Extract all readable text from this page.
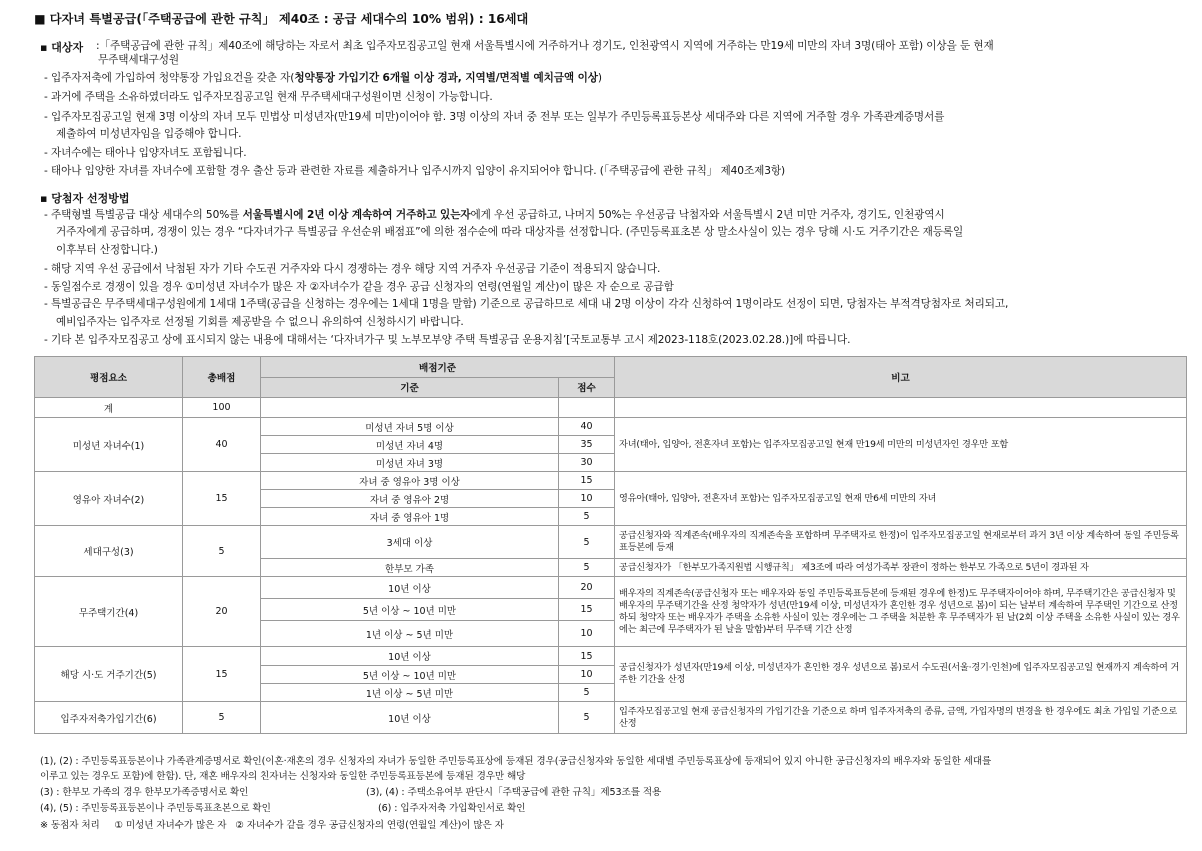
■ 다자녀 특별공급(「주택공급에 관한 규칙」 제40조 : 공급 세대수의 10% 범위) : 16세대
▪ 대상자 :「주택공급에 관한 규칙」제40조에 해당하는 자로서 최초 입주자모집공고일 현재 서울특별시에 거주하거나 경기도, 인천광역시 지역에 거주하는 만19세 미만의 자녀 3명(태아 포함) 이상을 둔 현재
무주택세대구성원
- 입주자저축에 가입하여 청약통장 가입요건을 갖춘 자(청약통장 가입기간 6개월 이상 경과, 지역별/면적별 예치금액 이상)
- 과거에 주택을 소유하였더라도 입주자모집공고일 현재 무주택세대구성원이면 신청이 가능합니다.
- 입주자모집공고일 현재 3명 이상의 자녀 모두 민법상 미성년자(만19세 미만)이어야 함. 3명 이상의 자녀 중 전부 또는 일부가 주민등록표등본상 세대주와 다른 지역에 거주할 경우 가족관계증명서를
제출하여 미성년자임을 입증해야 합니다.
- 자녀수에는 태아나 입양자녀도 포함됩니다.
- 태아나 입양한 자녀를 자녀수에 포함할 경우 출산 등과 관련한 자료를 제출하거나 입주시까지 입양이 유지되어야 합니다. (「주택공급에 관한 규칙」 제40조제3항)
▪ 당첨자 선정방법
- 주택형별 특별공급 대상 세대수의 50%를 서울특별시에 2년 이상 계속하여 거주하고 있는자에게 우선 공급하고, 나머지 50%는 우선공급 낙첨자와 서울특별시 2년 미만 거주자, 경기도, 인천광역시
거주자에게 공급하며, 경쟁이 있는 경우 “다자녀가구 특별공급 우선순위 배점표”에 의한 점수순에 따라 대상자를 선정합니다. (주민등록표초본 상 말소사실이 있는 경우 당해 시·도 거주기간은 재등록일
이후부터 산정합니다.)
- 해당 지역 우선 공급에서 낙첨된 자가 기타 수도권 거주자와 다시 경쟁하는 경우 해당 지역 거주자 우선공급 기준이 적용되지 않습니다.
- 동일점수로 경쟁이 있을 경우 ①미성년 자녀수가 많은 자 ②자녀수가 같을 경우 공급 신청자의 연령(연월일 계산)이 많은 자 순으로 공급함
- 특별공급은 무주택세대구성원에게 1세대 1주택(공급을 신청하는 경우에는 1세대 1명을 말함) 기준으로 공급하므로 세대 내 2명 이상이 각각 신청하여 1명이라도 선정이 되면, 당첨자는 부적격당첨자로 처리되고,
예비입주자는 입주자로 선정될 기회를 제공받을 수 없으니 유의하여 신청하시기 바랍니다.
- 기타 본 입주자모집공고 상에 표시되지 않는 내용에 대해서는 ‘다자녀가구 및 노부모부양 주택 특별공급 운용지침’[국토교통부 고시 제2023-118호(2023.02.28.)]에 따릅니다.
평점요소	총배점	배점기준		비고
		기준	점수	
계	100			
미성년 자녀수(1)	40	미성년 자녀 5명 이상	40	자녀(태아, 입양아, 전혼자녀 포함)는 입주자모집공고일 현재 만19세 미만의 미성년자인 경우만 포함
		미성년 자녀 4명	35	
		미성년 자녀 3명	30	
영유아 자녀수(2)	15	자녀 중 영유아 3명 이상	15	영유아(태아, 입양아, 전혼자녀 포함)는 입주자모집공고일 현재 만6세 미만의 자녀
		자녀 중 영유아 2명	10	
		자녀 중 영유아 1명	5	
세대구성(3)	5	3세대 이상	5	공급신청자와 직계존속(배우자의 직계존속을 포함하며 무주택자로 한정)이 입주자모집공고일 현재로부터 과거 3년 이상 계속하여 동일 주민등록표등본에 등재
		한부모 가족	5	공급신청자가 「한부모가족지원법 시행규칙」 제3조에 따라 여성가족부 장관이 정하는 한부모 가족으로 5년이 경과된 자
무주택기간(4)	20	10년 이상	20	배우자의 직계존속(공급신청자 또는 배우자와 동일 주민등록표등본에 등재된 경우에 한정)도 무주택자이어야 하며, 무주택기간은 공급신청자 및 배우자의 무주택기간을 산정 청약자가 성년(만19세 이상, 미성년자가 혼인한 경우 성년으로 봄)이 되는 날부터 계속하여 무주택인 기간으로 산정하되 청약자 또는 배우자가 주택을 소유한 사실이 있는 경우에는 그 주택을 처분한 후 무주택자가 된 날(2회 이상 주택을 소유한 사실이 있는 경우에는 최근에 무주택자가 된 날을 말함)부터 무주택 기간 산정
		5년 이상 ~ 10년 미만	15	
		1년 이상 ~ 5년 미만	10	
해당 시·도 거주기간(5)	15	10년 이상	15	공급신청자가 성년자(만19세 이상, 미성년자가 혼인한 경우 성년으로 봄)로서 수도권(서울·경기·인천)에 입주자모집공고일 현재까지 계속하여 거주한 기간을 산정
		5년 이상 ~ 10년 미만	10	
		1년 이상 ~ 5년 미만	5	
입주자저축가입기간(6)	5	10년 이상	5	입주자모집공고일 현재 공급신청자의 가입기간을 기준으로 하며 입주자저축의 종류, 금액, 가입자명의 변경을 한 경우에도 최초 가입일 기준으로 산정
(1), (2) : 주민등록표등본이나 가족관계증명서로 확인(이혼·재혼의 경우 신청자의 자녀가 동일한 주민등록표상에 등재된 경우(공급신청자와 동일한 세대별 주민등록표상에 등재되어 있지 아니한 공급신청자의 배우자와 동일한 세대를
이루고 있는 경우도 포함)에 한함). 단, 재혼 배우자의 친자녀는 신청자와 동일한 주민등록표등본에 등재된 경우만 해당
(3) : 한부모 가족의 경우 한부모가족증명서로 확인	(3), (4) : 주택소유여부 판단시「주택공급에 관한 규칙」제53조를 적용
(4), (5) : 주민등록표등본이나 주민등록표초본으로 확인	(6) : 입주자저축 가입확인서로 확인
※ 동점자 처리     ① 미성년 자녀수가 많은 자   ② 자녀수가 같을 경우 공급신청자의 연령(연월일 계산)이 많은 자
